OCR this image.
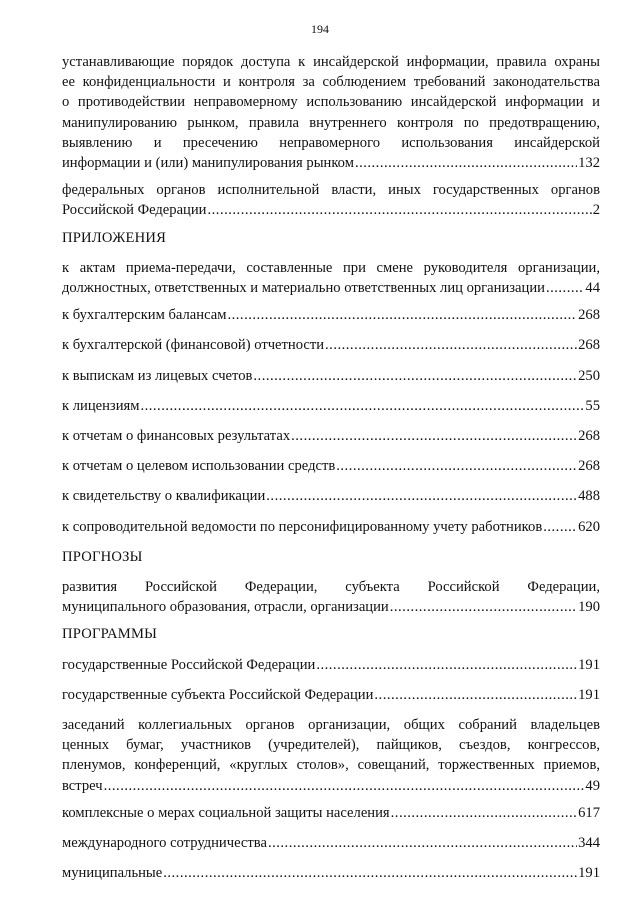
194
устанавливающие порядок доступа к инсайдерской информации, правила охраны
ее конфиденциальности и контроля за соблюдением требований законодательства
о противодействии неправомерному использованию инсайдерской информации и
манипулированию рынком, правила внутреннего контроля по предотвращению,
выявлению и пресечению неправомерного использования инсайдерской
информации и (или) манипулирования рынком .....	132
федеральных органов исполнительной власти, иных государственных органов
Российской Федерации .....	2
ПРИЛОЖЕНИЯ
к актам приема-передачи, составленные при смене руководителя организации,
должностных, ответственных и материально ответственных лиц организации .....	44
к бухгалтерским балансам .....	268
к бухгалтерской (финансовой) отчетности .....	268
к выпискам из лицевых счетов .....	250
к лицензиям .....	55
к отчетам о финансовых результатах .....	268
к отчетам о целевом использовании средств .....	268
к свидетельству о квалификации .....	488
к сопроводительной ведомости по персонифицированному учету работников ..... 620
ПРОГНОЗЫ
развития Российской Федерации, субъекта Российской Федерации,
муниципального образования, отрасли, организации .....	190
ПРОГРАММЫ
государственные Российской Федерации .....	191
государственные субъекта Российской Федерации .....	191
заседаний коллегиальных органов организации, общих собраний владельцев
ценных бумаг, участников (учредителей), пайщиков, съездов, конгрессов,
пленумов, конференций, «круглых столов», совещаний, торжественных приемов,
встреч .....	49
комплексные о мерах социальной защиты населения .....	617
международного сотрудничества .....	344
муниципальные .....	191
